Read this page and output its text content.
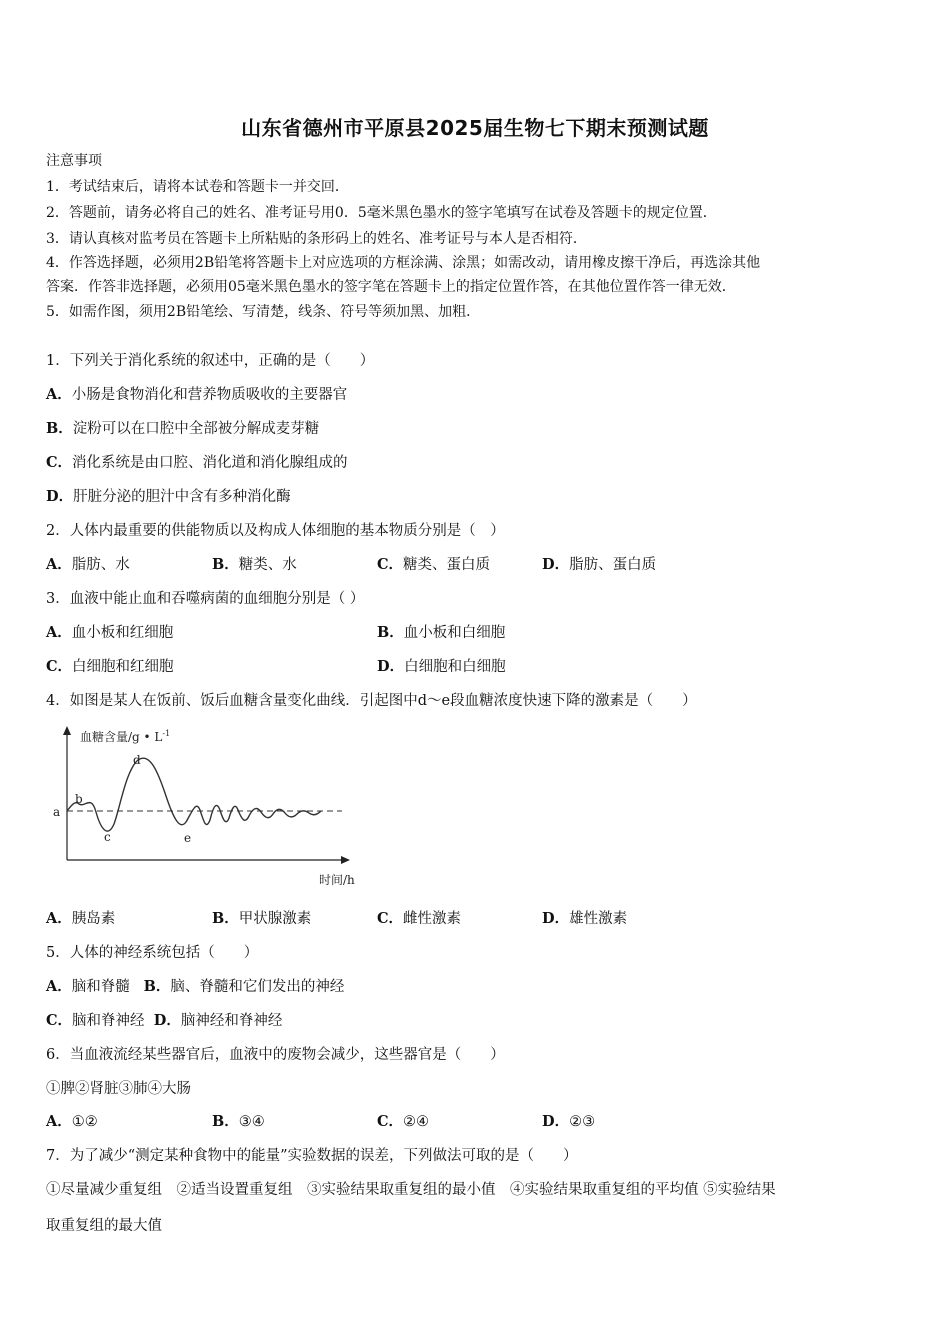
山东省德州市平原县2025届生物七下期末预测试题
注意事项
1．考试结束后，请将本试卷和答题卡一并交回．
2．答题前，请务必将自己的姓名、准考证号用0．5毫米黑色墨水的签字笔填写在试卷及答题卡的规定位置．
3．请认真核对监考员在答题卡上所粘贴的条形码上的姓名、准考证号与本人是否相符．
4．作答选择题，必须用2B铅笔将答题卡上对应选项的方框涂满、涂黑；如需改动，请用橡皮擦干净后，再选涂其他
答案．作答非选择题，必须用05毫米黑色墨水的签字笔在答题卡上的指定位置作答，在其他位置作答一律无效．
5．如需作图，须用2B铅笔绘、写清楚，线条、符号等须加黑、加粗．
1．下列关于消化系统的叙述中，正确的是（　　）
A．小肠是食物消化和营养物质吸收的主要器官
B．淀粉可以在口腔中全部被分解成麦芽糖
C．消化系统是由口腔、消化道和消化腺组成的
D．肝脏分泌的胆汁中含有多种消化酶
2．人体内最重要的供能物质以及构成人体细胞的基本物质分别是（　）
A．脂肪、水	B．糖类、水	C．糖类、蛋白质	D．脂肪、蛋白质
3．血液中能止血和吞噬病菌的血细胞分别是（ ）
A．血小板和红细胞	B．血小板和白细胞
C．白细胞和红细胞	D．白细胞和白细胞
4．如图是某人在饭前、饭后血糖含量变化曲线．引起图中d～e段血糖浓度快速下降的激素是（　　）
血糖含量/g • $L^{-1}$
a
b
c
d
e
时间/h
A．胰岛素	B．甲状腺激素	C．雌性激素	D．雄性激素
5．人体的神经系统包括（　　）
A．脑和脊髓 B．脑、脊髓和它们发出的神经
C．脑和脊神经 D．脑神经和脊神经
6．当血液流经某些器官后，血液中的废物会减少，这些器官是（　　）
①脾②肾脏③肺④大肠
A．①②	B．③④	C．②④	D．②③
7．为了减少“测定某种食物中的能量”实验数据的误差，下列做法可取的是（　　）
①尽量减少重复组　②适当设置重复组　③实验结果取重复组的最小值　④实验结果取重复组的平均值 ⑤实验结果
取重复组的最大值
